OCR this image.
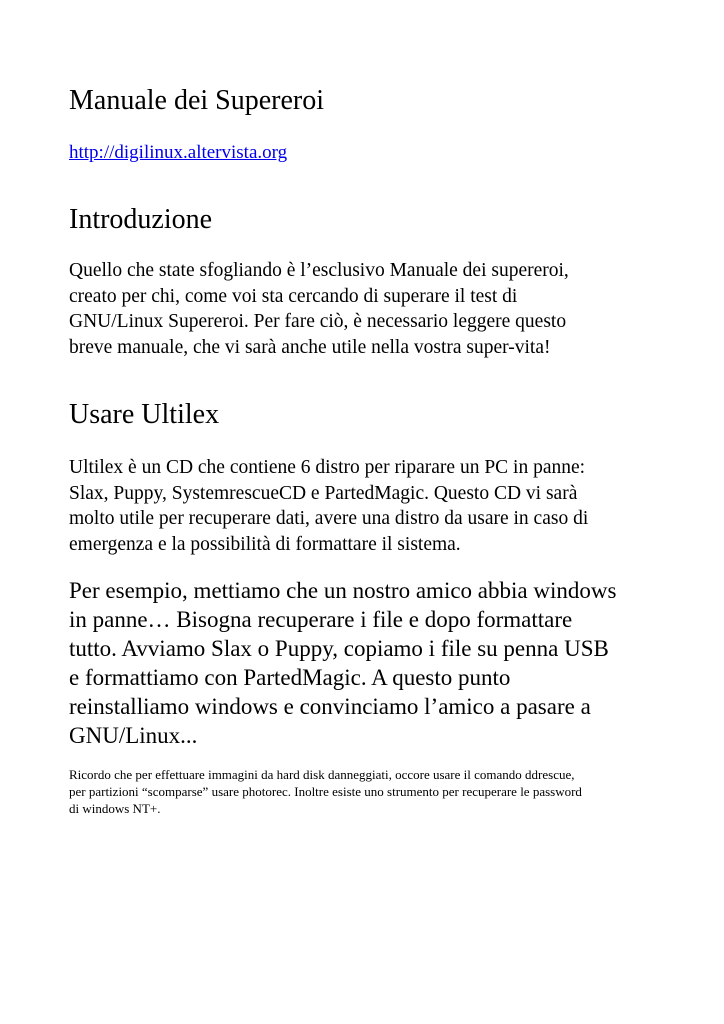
Manuale dei Supereroi
http://digilinux.altervista.org
Introduzione

Quello che state sfogliando è l’esclusivo Manuale dei supereroi,
creato per chi, come voi sta cercando di superare il test di
GNU/Linux Supereroi. Per fare ciò, è necessario leggere questo
breve manuale, che vi sarà anche utile nella vostra super-vita!

Usare Ultilex

Ultilex è un CD che contiene 6 distro per riparare un PC in panne:
Slax, Puppy, SystemrescueCD e PartedMagic. Questo CD vi sarà
molto utile per recuperare dati, avere una distro da usare in caso di
emergenza e la possibilità di formattare il sistema.

Per esempio, mettiamo che un nostro amico abbia windows
in panne… Bisogna recuperare i file e dopo formattare
tutto. Avviamo Slax o Puppy, copiamo i file su penna USB
e formattiamo con PartedMagic. A questo punto
reinstalliamo windows e convinciamo l’amico a pasare a
GNU/Linux...

Ricordo che per effettuare immagini da hard disk danneggiati, occore usare il comando ddrescue,
per partizioni “scomparse” usare photorec. Inoltre esiste uno strumento per recuperare le password
di windows NT+.
